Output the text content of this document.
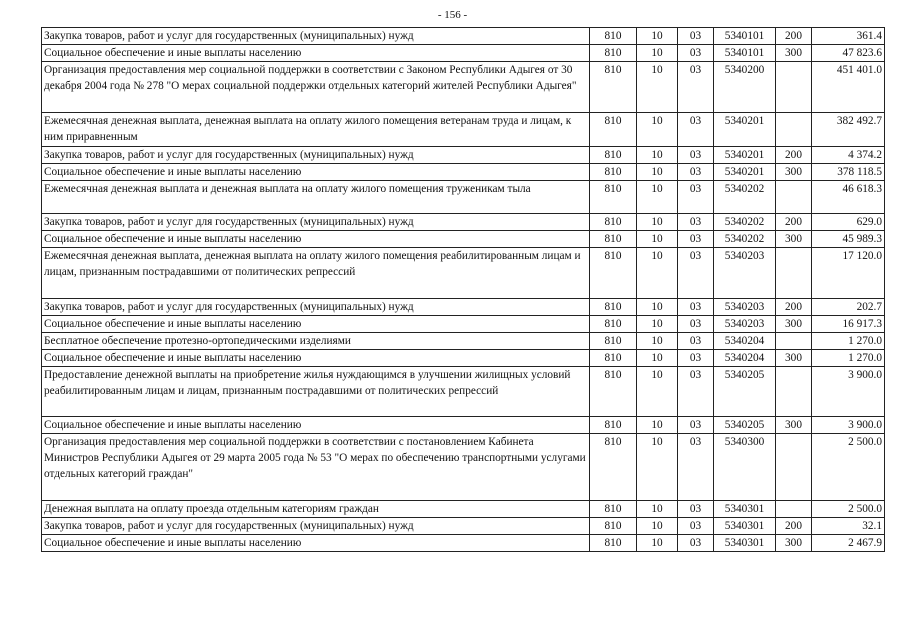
- 156 -
Закупка товаров, работ и услуг для государственных (муниципальных) нужд	810	10	03	5340101	200	361.4
Социальное обеспечение и иные выплаты населению	810	10	03	5340101	300	47 823.6
Организация предоставления мер социальной поддержки в соответствии с Законом Республики Адыгея от 30 декабря 2004 года № 278 "О мерах социальной поддержки отдельных категорий жителей Республики Адыгея"	810	10	03	5340200		451 401.0
Ежемесячная денежная выплата, денежная выплата на оплату жилого помещения ветеранам труда и лицам, к ним приравненным	810	10	03	5340201		382 492.7
Закупка товаров, работ и услуг для государственных (муниципальных) нужд	810	10	03	5340201	200	4 374.2
Социальное обеспечение и иные выплаты населению	810	10	03	5340201	300	378 118.5
Ежемесячная денежная выплата и денежная выплата на оплату жилого помещения труженикам тыла	810	10	03	5340202		46 618.3
Закупка товаров, работ и услуг для государственных (муниципальных) нужд	810	10	03	5340202	200	629.0
Социальное обеспечение и иные выплаты населению	810	10	03	5340202	300	45 989.3
Ежемесячная денежная выплата, денежная выплата на оплату жилого помещения реабилитированным лицам и лицам, признанным пострадавшими от политических репрессий	810	10	03	5340203		17 120.0
Закупка товаров, работ и услуг для государственных (муниципальных) нужд	810	10	03	5340203	200	202.7
Социальное обеспечение и иные выплаты населению	810	10	03	5340203	300	16 917.3
Бесплатное обеспечение протезно-ортопедическими изделиями	810	10	03	5340204		1 270.0
Социальное обеспечение и иные выплаты населению	810	10	03	5340204	300	1 270.0
Предоставление денежной выплаты на приобретение жилья нуждающимся в улучшении жилищных условий реабилитированным лицам и лицам, признанным пострадавшими от политических репрессий	810	10	03	5340205		3 900.0
Социальное обеспечение и иные выплаты населению	810	10	03	5340205	300	3 900.0
Организация предоставления мер социальной поддержки в соответствии с постановлением Кабинета Министров Республики Адыгея от 29 марта 2005 года № 53 "О мерах по обеспечению транспортными услугами отдельных категорий граждан"	810	10	03	5340300		2 500.0
Денежная выплата на оплату проезда отдельным категориям граждан	810	10	03	5340301		2 500.0
Закупка товаров, работ и услуг для государственных (муниципальных) нужд	810	10	03	5340301	200	32.1
Социальное обеспечение и иные выплаты населению	810	10	03	5340301	300	2 467.9
